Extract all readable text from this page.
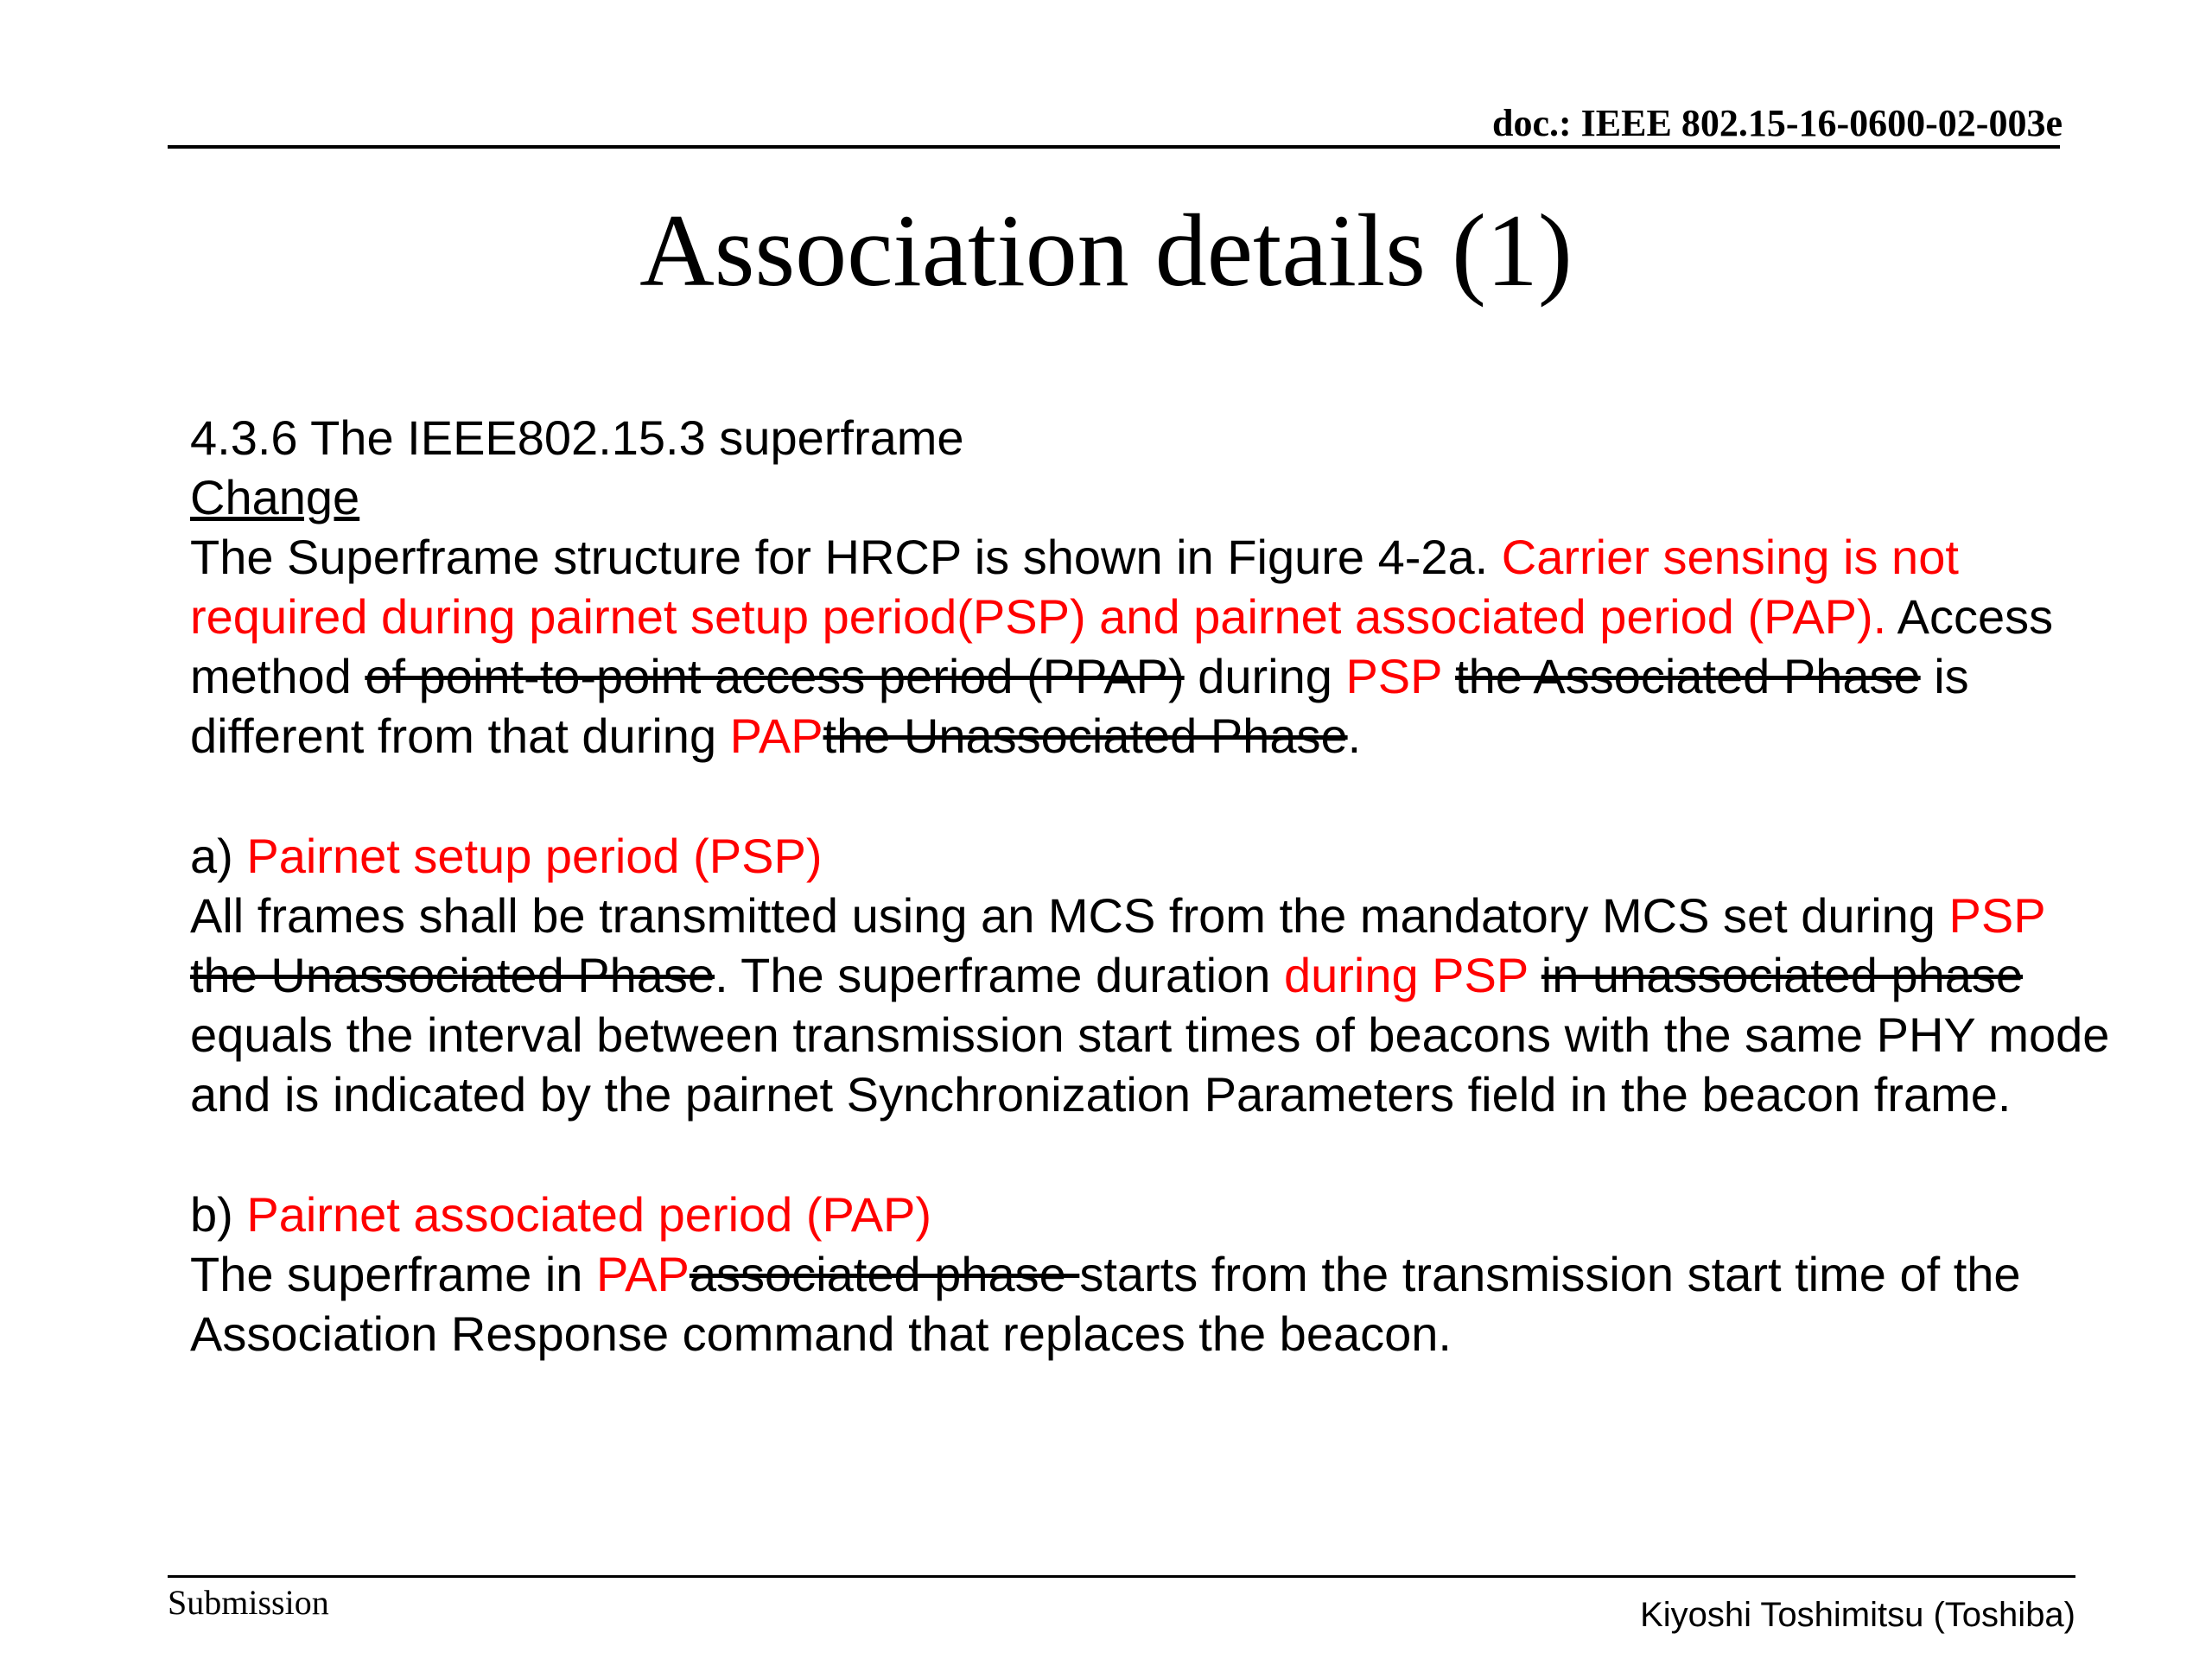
doc.: IEEE 802.15-16-0600-02-003e
Association details (1)

4.3.6 The IEEE802.15.3 superframe

Change

The Superframe structure for HRCP is shown in Figure 4-2a. Carrier sensing is not required during pairnet setup period(PSP) and pairnet associated period (PAP). Access method of point-to-point access period (PPAP) during PSP the Associated Phase is different from that during PAPthe Unassociated Phase.

a) Pairnet setup period (PSP)

All frames shall be transmitted using an MCS from the mandatory MCS set during PSP the Unassociated Phase. The superframe duration during PSP in unassociated phase equals the interval between transmission start times of beacons with the same PHY mode and is indicated by the pairnet Synchronization Parameters field in the beacon frame.

b) Pairnet associated period (PAP)

The superframe in PAPassociated phase starts from the transmission start time of the Association Response command that replaces the beacon.

Submission	Kiyoshi Toshimitsu (Toshiba)
